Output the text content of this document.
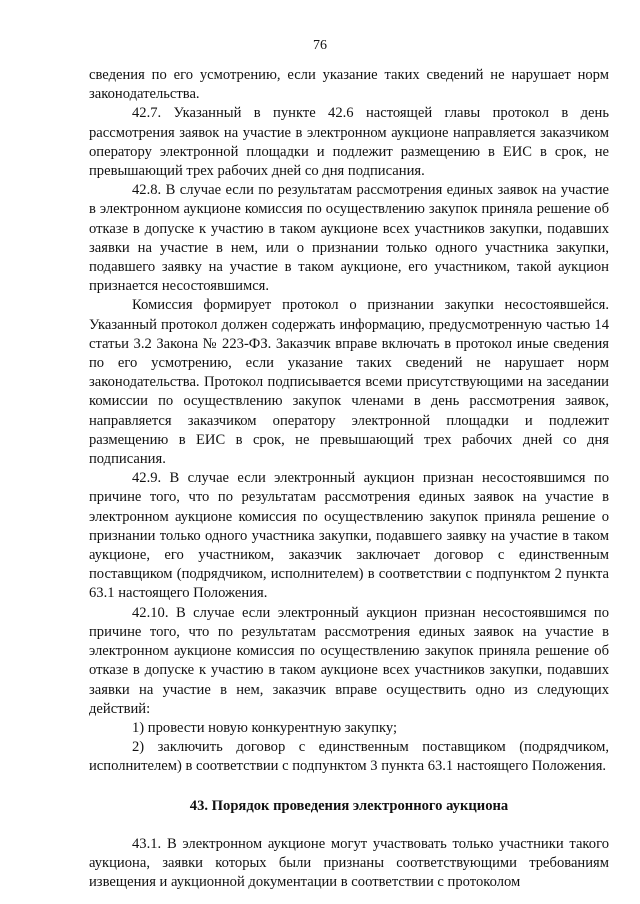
76

сведения по его усмотрению, если указание таких сведений не нарушает норм законодательства.

42.7. Указанный в пункте 42.6 настоящей главы протокол в день рассмотрения заявок на участие в электронном аукционе направляется заказчиком оператору электронной площадки и подлежит размещению в ЕИС в срок, не превышающий трех рабочих дней со дня подписания.

42.8. В случае если по результатам рассмотрения единых заявок на участие в электронном аукционе комиссия по осуществлению закупок приняла решение об отказе в допуске к участию в таком аукционе всех участников закупки, подавших заявки на участие в нем, или о признании только одного участника закупки, подавшего заявку на участие в таком аукционе, его участником, такой аукцион признается несостоявшимся.

Комиссия формирует протокол о признании закупки несостоявшейся. Указанный протокол должен содержать информацию, предусмотренную частью 14 статьи 3.2 Закона № 223-ФЗ. Заказчик вправе включать в протокол иные сведения по его усмотрению, если указание таких сведений не нарушает норм законодательства. Протокол подписывается всеми присутствующими на заседании комиссии по осуществлению закупок членами в день рассмотрения заявок, направляется заказчиком оператору электронной площадки и подлежит размещению в ЕИС в срок, не превышающий трех рабочих дней со дня подписания.

42.9. В случае если электронный аукцион признан несостоявшимся по причине того, что по результатам рассмотрения единых заявок на участие в электронном аукционе комиссия по осуществлению закупок приняла решение о признании только одного участника закупки, подавшего заявку на участие в таком аукционе, его участником, заказчик заключает договор с единственным поставщиком (подрядчиком, исполнителем) в соответствии с подпунктом 2 пункта 63.1 настоящего Положения.

42.10. В случае если электронный аукцион признан несостоявшимся по причине того, что по результатам рассмотрения единых заявок на участие в электронном аукционе комиссия по осуществлению закупок приняла решение об отказе в допуске к участию в таком аукционе всех участников закупки, подавших заявки на участие в нем, заказчик вправе осуществить одно из следующих действий:

1) провести новую конкурентную закупку;

2) заключить договор с единственным поставщиком (подрядчиком, исполнителем) в соответствии с подпунктом 3 пункта 63.1 настоящего Положения.

43. Порядок проведения электронного аукциона

43.1. В электронном аукционе могут участвовать только участники такого аукциона, заявки которых были признаны соответствующими требованиям извещения и аукционной документации в соответствии с протоколом
